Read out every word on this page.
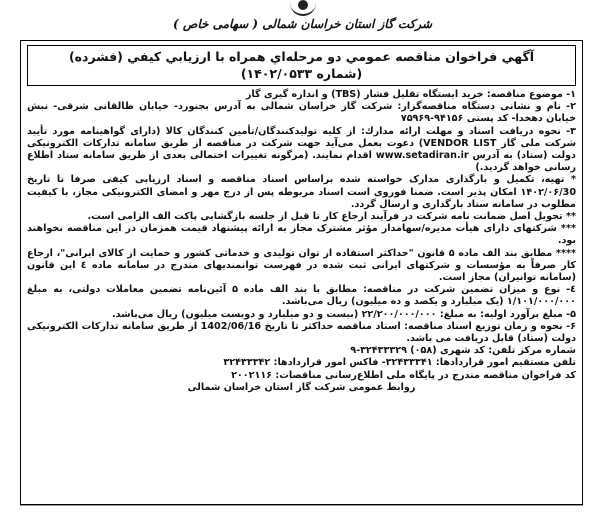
شرکت گاز استان خراسان شمالی ( سهامی خاص )
آگهي فراخوان مناقصه عمومي دو مرحله‌اي همراه با ارزيابي کيفي (فشرده)
(شماره ۱۴۰۲/۰۵۳۳)

۱- موضوع مناقصه: خرید ایستگاه تقلیل فشار (TBS) و اندازه گیری گاز

۲- نام و نشانی دستگاه مناقصه‌گزار: شرکت گاز خراسان شمالی به آدرس بجنورد- خیابان طالقانی شرقی- نبش خیابان دهخدا- کد پستی ۹۴۱۵۶-۷۵۹۶۹

۳- نحوه دریافت اسناد و مهلت ارائه مدارك: از کلیه تولیدکنندگان/تأمین کنندگان کالا (دارای گواهینامه مورد تأیید شرکت ملی گاز VENDOR LIST) دعوت بعمل می‌آید جهت شرکت در مناقصه از طریق سامانه تدارکات الکترونیکی دولت (ستاد) به آدرس www.setadiran.ir اقدام نمایند. (مرگونه تغییرات احتمالی بعدی از طریق سامانه ستاد اطلاع رسانی خواهد گردید.)

* تهیه، تکمیل و بارگذاری مدارک خواسته شده براساس اسناد مناقصه و اسناد ارزیابی کیفی صرفا تا تاریخ ۱۴۰۲/۰۶/30 امکان پذیر است. ضمنا فوروی است اسناد مربوطه پس از درج مهر و امضای الکترونیکی مجاز، با کیفیت مطلوب در سامانه ستاد بارگذاری و ارسال گردد.

** تحویل اصل ضمانت نامه شرکت در فرآیند ارجاع کار تا قبل از جلسه بازگشایی پاکت الف الزامی است.

*** شرکتهای دارای هیأت مدیره/سهامدار مؤثر مشترک مجاز به ارائه پیشنهاد قیمت همزمان در این مناقصه نخواهند بود.

**** مطابق بند الف ماده ۵ قانون "حداکثر استفاده از توان تولیدی و خدماتی کشور و حمایت از کالای ایرانی"، ارجاع کار صرفاً به مؤسسات و شرکتهای ایرانی ثبت شده در فهرست توانمندیهای مندرج در سامانه ماده ٤ این قانون (سامانه توانیران) مجاز است.

٤- نوع و میزان تضمین شرکت در مناقصه: مطابق با بند الف ماده ۵ آئین‌نامه تضمین معاملات دولتی، به مبلغ ۱/۱۰۱/۰۰۰/۰۰۰ (یک میلیارد و یکصد و ده میلیون) ریال می‌باشد.

۵- مبلغ برآورد اولیه: به مبلغ: ۲۲/۲۰۰/۰۰۰/۰۰۰ (بیست و دو میلیارد و دویست میلیون) ریال می‌باشد.

۶- نحوه و زمان توزیع اسناد مناقصه: اسناد مناقصه حداکثر تا تاریخ 1402/06/16 از طریق سامانه تدارکات الکترونیکی دولت (ستاد) قابل دریافت می باشد.

شماره مرکز تلفن: کد شهری (۰۵۸) ۳۲۴۳۳۳۲۹-۹

تلفن مستقیم امور قراردادها: ۳۲۴۳۳۳۴۱- فاکس امور قراردادها: ۳۲۴۳۳۳۴۲

کد فراخوان مناقصه مندرج در پایگاه ملی اطلاع‌رسانی مناقصات: ۲۰۰۲۱۱۶

روابط عمومی شرکت گاز استان خراسان شمالی
